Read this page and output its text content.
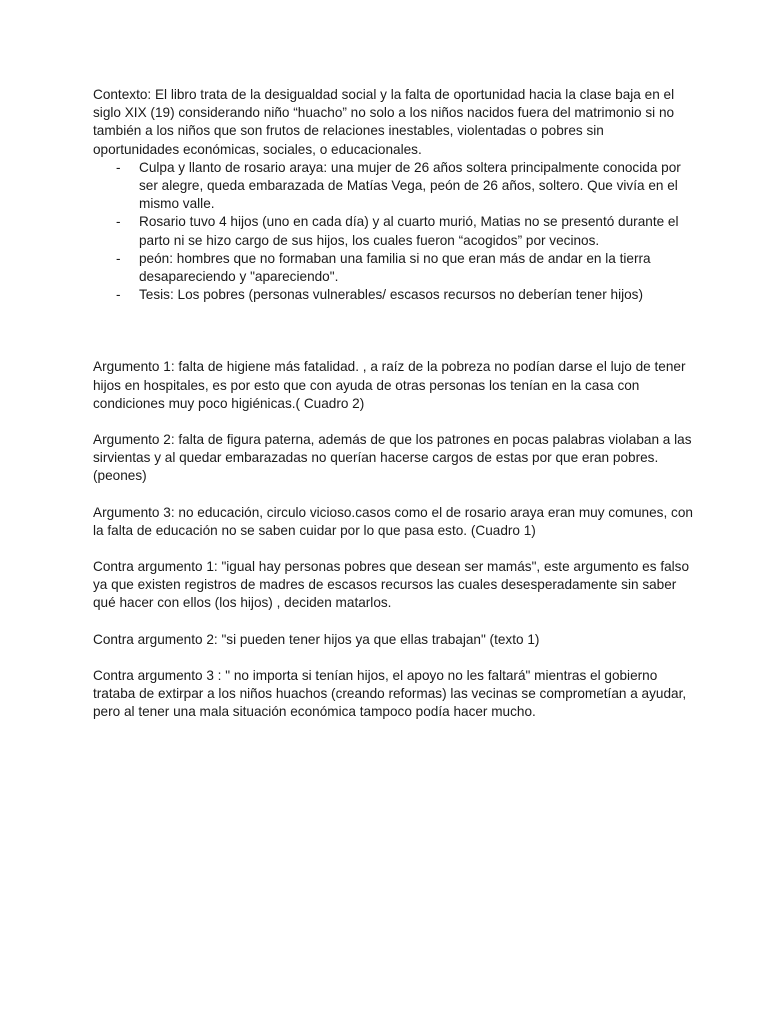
Contexto: El libro trata de la desigualdad social y la falta de oportunidad hacia la clase baja en el siglo XIX (19) considerando niño “huacho” no solo a los niños nacidos fuera del matrimonio si no también a los niños que son frutos de relaciones inestables, violentadas o pobres sin oportunidades económicas, sociales, o educacionales.

- Culpa y llanto de rosario araya: una mujer de 26 años soltera principalmente conocida por ser alegre, queda embarazada de Matías Vega, peón de 26 años, soltero. Que vivía en el mismo valle.
- Rosario tuvo 4 hijos (uno en cada día) y al cuarto murió, Matias no se presentó durante el parto ni se hizo cargo de sus hijos, los cuales fueron “acogidos” por vecinos.
- peón: hombres que no formaban una familia si no que eran más de andar en la tierra desapareciendo y "apareciendo".
- Tesis: Los pobres (personas vulnerables/ escasos recursos no deberían tener hijos)

Argumento 1: falta de higiene más fatalidad. , a raíz de la pobreza no podían darse el lujo de tener hijos en hospitales, es por esto que con ayuda de otras personas los tenían en la casa con condiciones muy poco higiénicas.( Cuadro 2)

Argumento 2: falta de figura paterna, además de que los patrones en pocas palabras violaban a las sirvientas y al quedar embarazadas no querían hacerse cargos de estas por que eran pobres. (peones)

Argumento 3: no educación, circulo vicioso.casos como el de rosario araya eran muy comunes, con la falta de educación no se saben cuidar por lo que pasa esto. (Cuadro 1)

Contra argumento 1: "igual hay personas pobres que desean ser mamás", este argumento es falso ya que existen registros de madres de escasos recursos las cuales desesperadamente sin saber qué hacer con ellos (los hijos) , deciden matarlos.

Contra argumento 2: "si pueden tener hijos ya que ellas trabajan" (texto 1)

Contra argumento 3 : " no importa si tenían hijos, el apoyo no les faltará" mientras el gobierno trataba de extirpar a los niños huachos (creando reformas) las vecinas se comprometían a ayudar, pero al tener una mala situación económica tampoco podía hacer mucho.
